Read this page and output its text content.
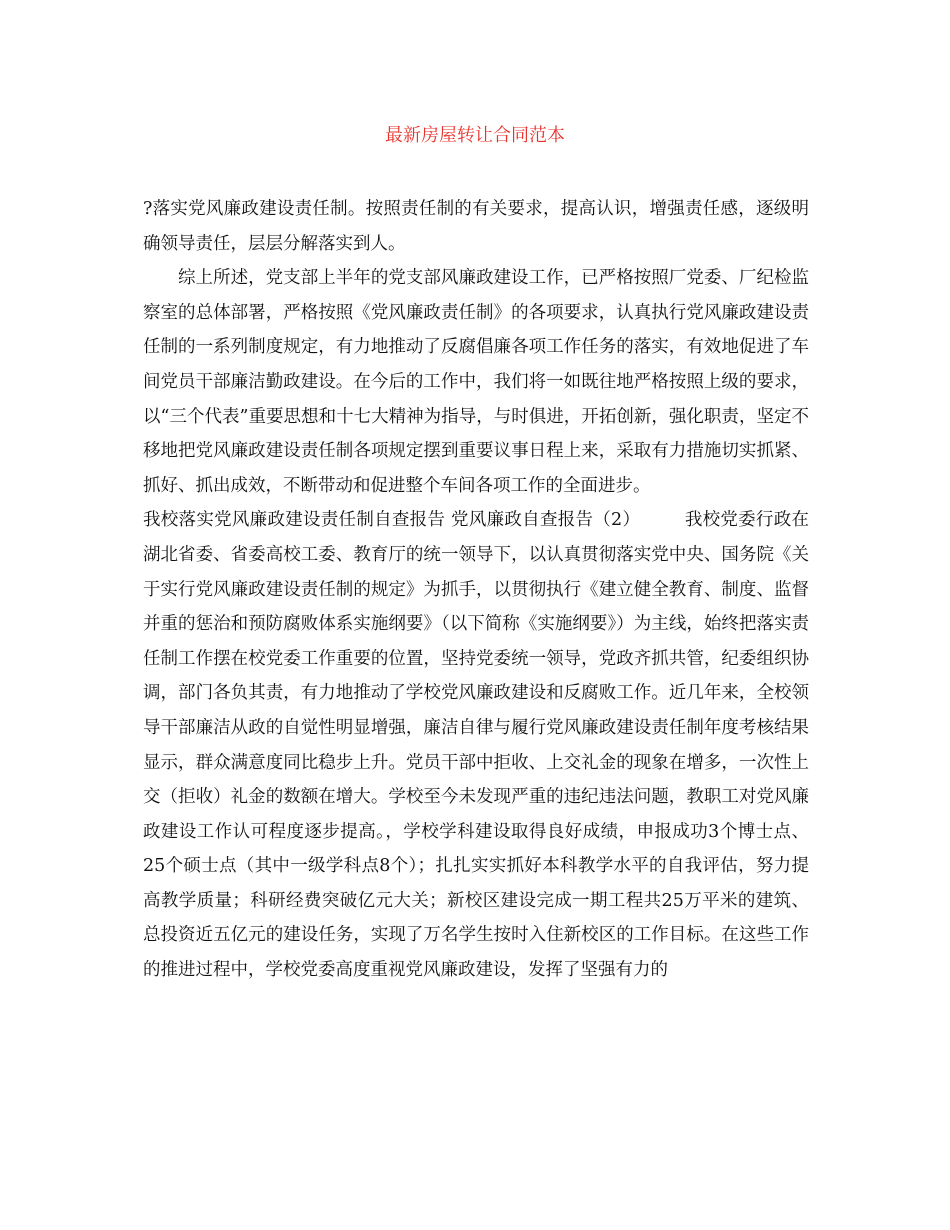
最新房屋转让合同范本

?落实党风廉政建设责任制。按照责任制的有关要求，提高认识，增强责任感，逐级明确领导责任，层层分解落实到人。

综上所述，党支部上半年的党支部风廉政建设工作，已严格按照厂党委、厂纪检监察室的总体部署，严格按照《党风廉政责任制》的各项要求，认真执行党风廉政建设责任制的一系列制度规定，有力地推动了反腐倡廉各项工作任务的落实，有效地促进了车间党员干部廉洁勤政建设。在今后的工作中，我们将一如既往地严格按照上级的要求，以“三个代表”重要思想和十七大精神为指导，与时俱进，开拓创新，强化职责，坚定不移地把党风廉政建设责任制各项规定摆到重要议事日程上来，采取有力措施切实抓紧、抓好、抓出成效，不断带动和促进整个车间各项工作的全面进步。

我校落实党风廉政建设责任制自查报告 党风廉政自查报告（2）　　　我校党委行政在湖北省委、省委高校工委、教育厅的统一领导下，以认真贯彻落实党中央、国务院《关于实行党风廉政建设责任制的规定》为抓手，以贯彻执行《建立健全教育、制度、监督并重的惩治和预防腐败体系实施纲要》（以下简称《实施纲要》）为主线，始终把落实责任制工作摆在校党委工作重要的位置，坚持党委统一领导，党政齐抓共管，纪委组织协调，部门各负其责，有力地推动了学校党风廉政建设和反腐败工作。近几年来，全校领导干部廉洁从政的自觉性明显增强，廉洁自律与履行党风廉政建设责任制年度考核结果显示，群众满意度同比稳步上升。党员干部中拒收、上交礼金的现象在增多，一次性上交（拒收）礼金的数额在增大。学校至今未发现严重的违纪违法问题，教职工对党风廉政建设工作认可程度逐步提高。，学校学科建设取得良好成绩，申报成功3个博士点、25个硕士点（其中一级学科点8个）；扎扎实实抓好本科教学水平的自我评估，努力提高教学质量；科研经费突破亿元大关；新校区建设完成一期工程共25万平米的建筑、总投资近五亿元的建设任务，实现了万名学生按时入住新校区的工作目标。在这些工作的推进过程中，学校党委高度重视党风廉政建设，发挥了坚强有力的
